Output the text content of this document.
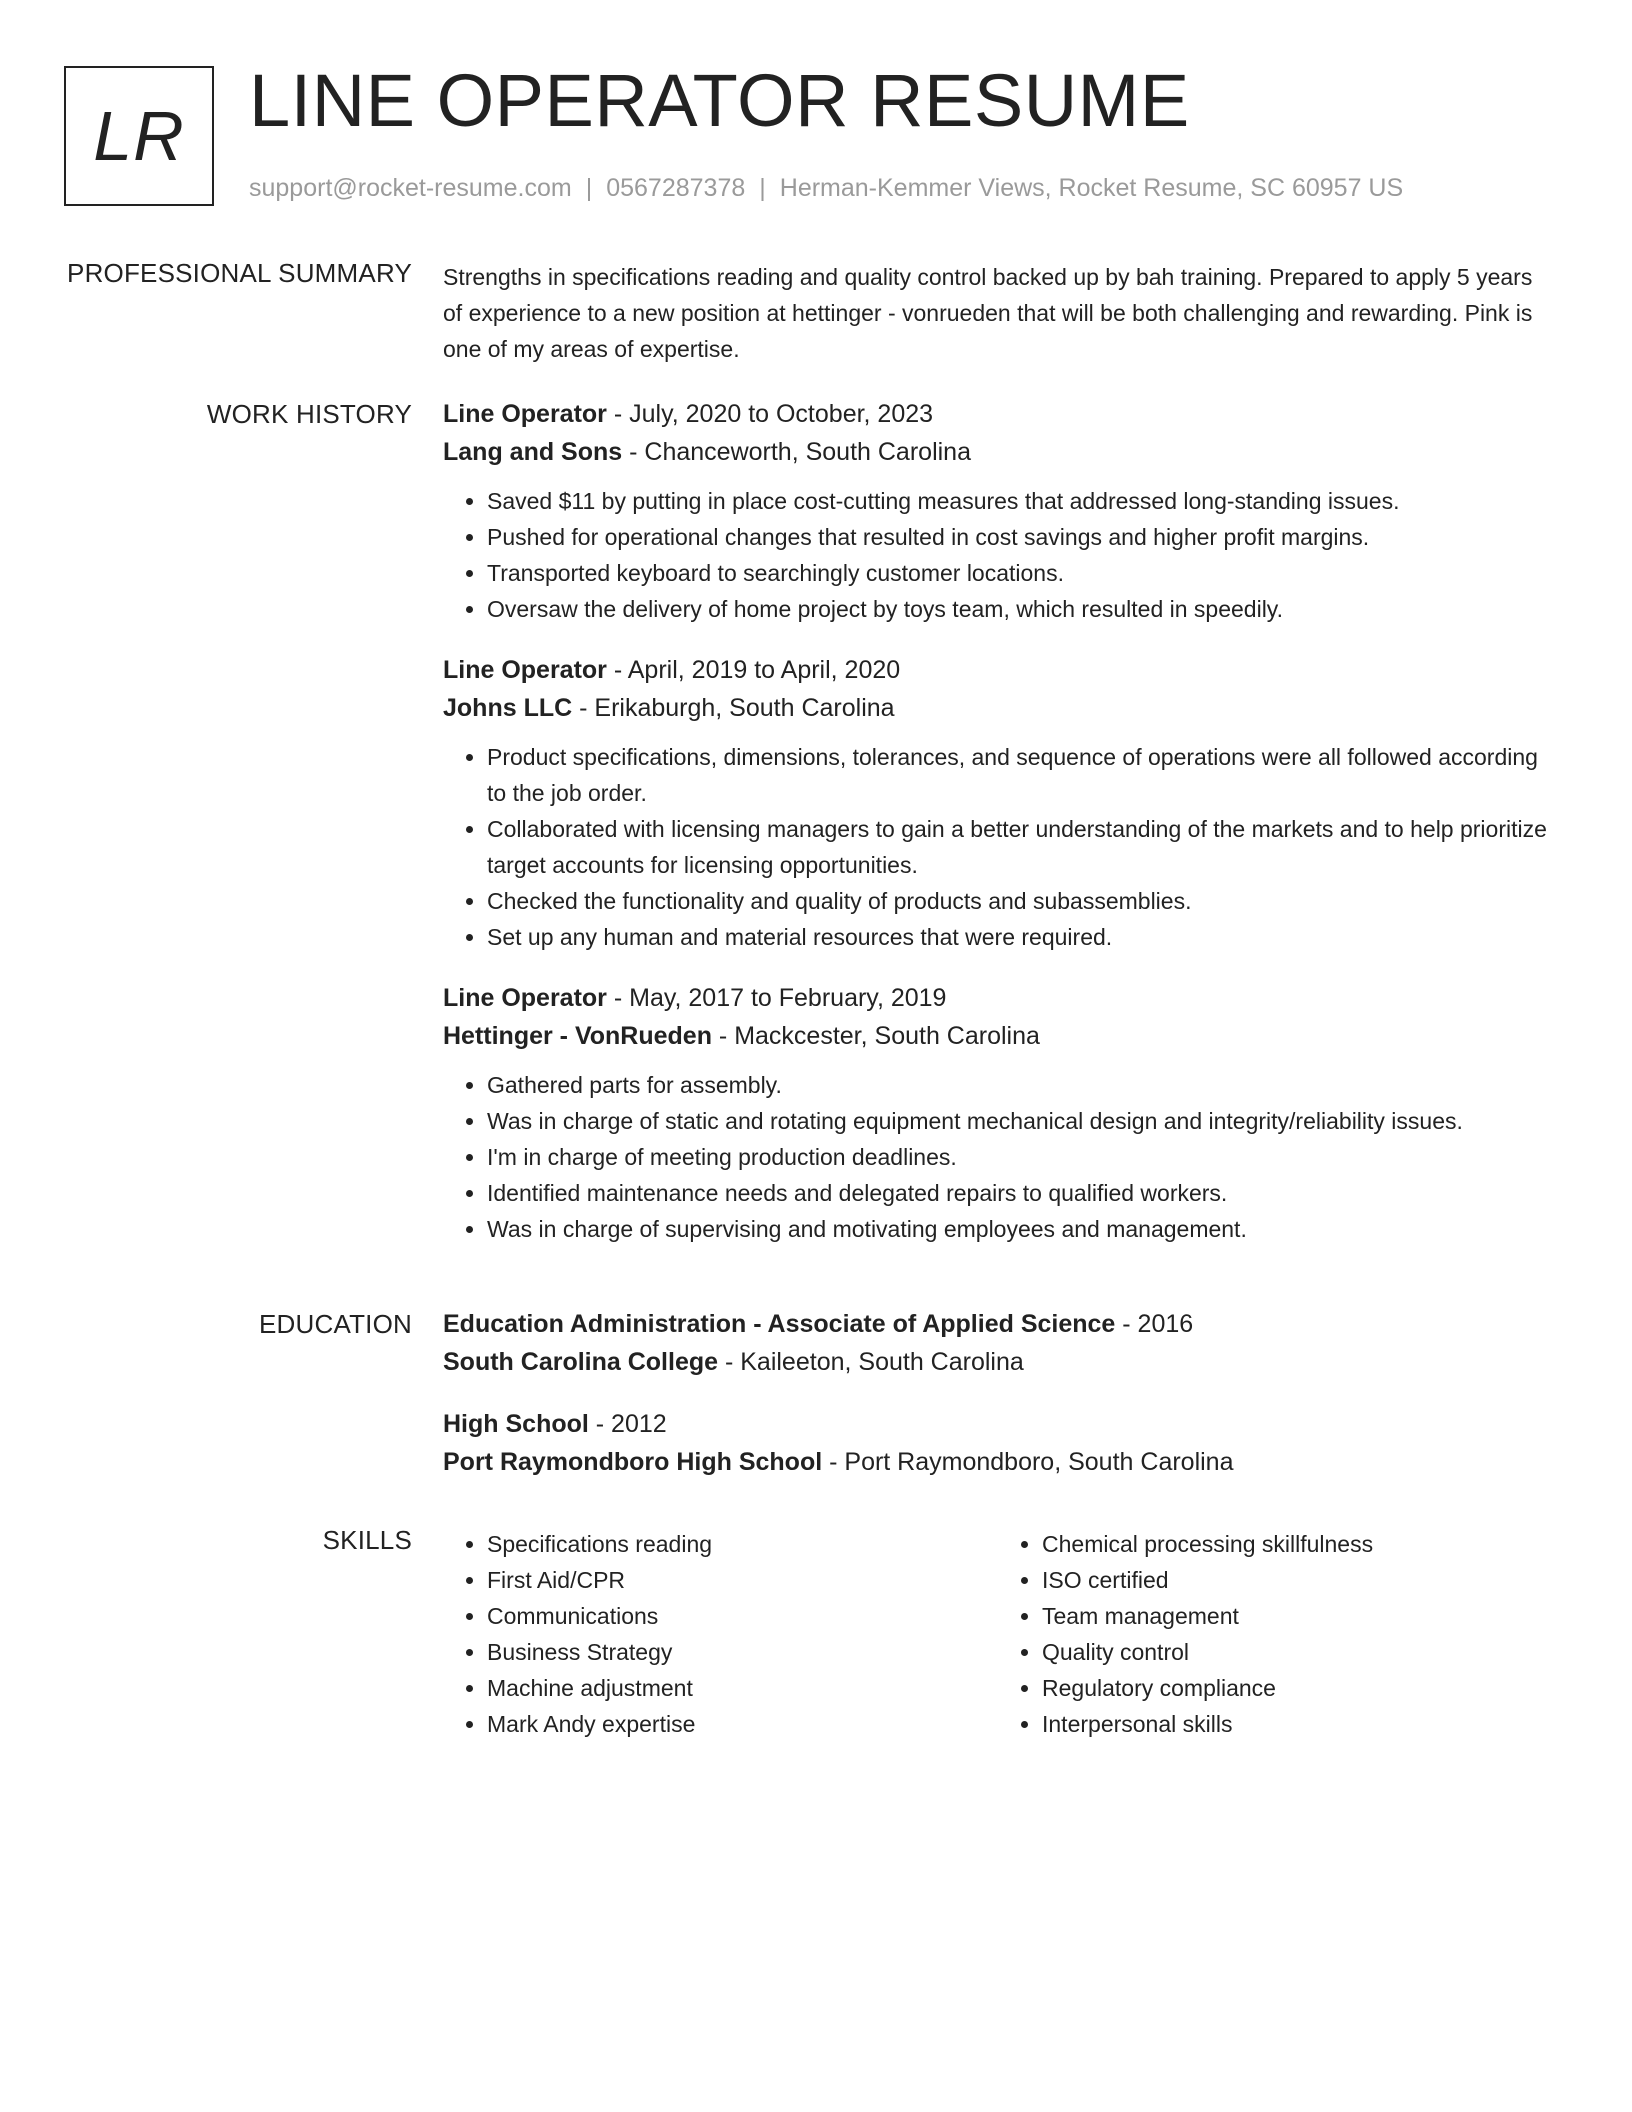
LR LINE OPERATOR RESUME
support@rocket-resume.com | 0567287378 | Herman-Kemmer Views, Rocket Resume, SC 60957 US
PROFESSIONAL SUMMARY Strengths in specifications reading and quality control backed up by bah training. Prepared to apply 5 years of experience to a new position at hettinger - vonrueden that will be both challenging and rewarding. Pink is one of my areas of expertise.

WORK HISTORY Line Operator - July, 2020 to October, 2023
Lang and Sons - Chanceworth, South Carolina
• Saved $11 by putting in place cost-cutting measures that addressed long-standing issues.
• Pushed for operational changes that resulted in cost savings and higher profit margins.
• Transported keyboard to searchingly customer locations.
• Oversaw the delivery of home project by toys team, which resulted in speedily.
Line Operator - April, 2019 to April, 2020
Johns LLC - Erikaburgh, South Carolina
• Product specifications, dimensions, tolerances, and sequence of operations were all followed according to the job order.
• Collaborated with licensing managers to gain a better understanding of the markets and to help prioritize target accounts for licensing opportunities.
• Checked the functionality and quality of products and subassemblies.
• Set up any human and material resources that were required.
Line Operator - May, 2017 to February, 2019
Hettinger - VonRueden - Mackcester, South Carolina
• Gathered parts for assembly.
• Was in charge of static and rotating equipment mechanical design and integrity/reliability issues.
• I'm in charge of meeting production deadlines.
• Identified maintenance needs and delegated repairs to qualified workers.
• Was in charge of supervising and motivating employees and management.
EDUCATION Education Administration - Associate of Applied Science - 2016
South Carolina College - Kaileeton, South Carolina
High School - 2012
Port Raymondboro High School - Port Raymondboro, South Carolina
SKILLS
•	Specifications reading
• First Aid/CPR
• Communications
• Business Strategy
• Machine adjustment
• Mark Andy expertise
• Chemical processing skillfulness
• ISO certified
• Team management
• Quality control
• Regulatory compliance
• Interpersonal skills
